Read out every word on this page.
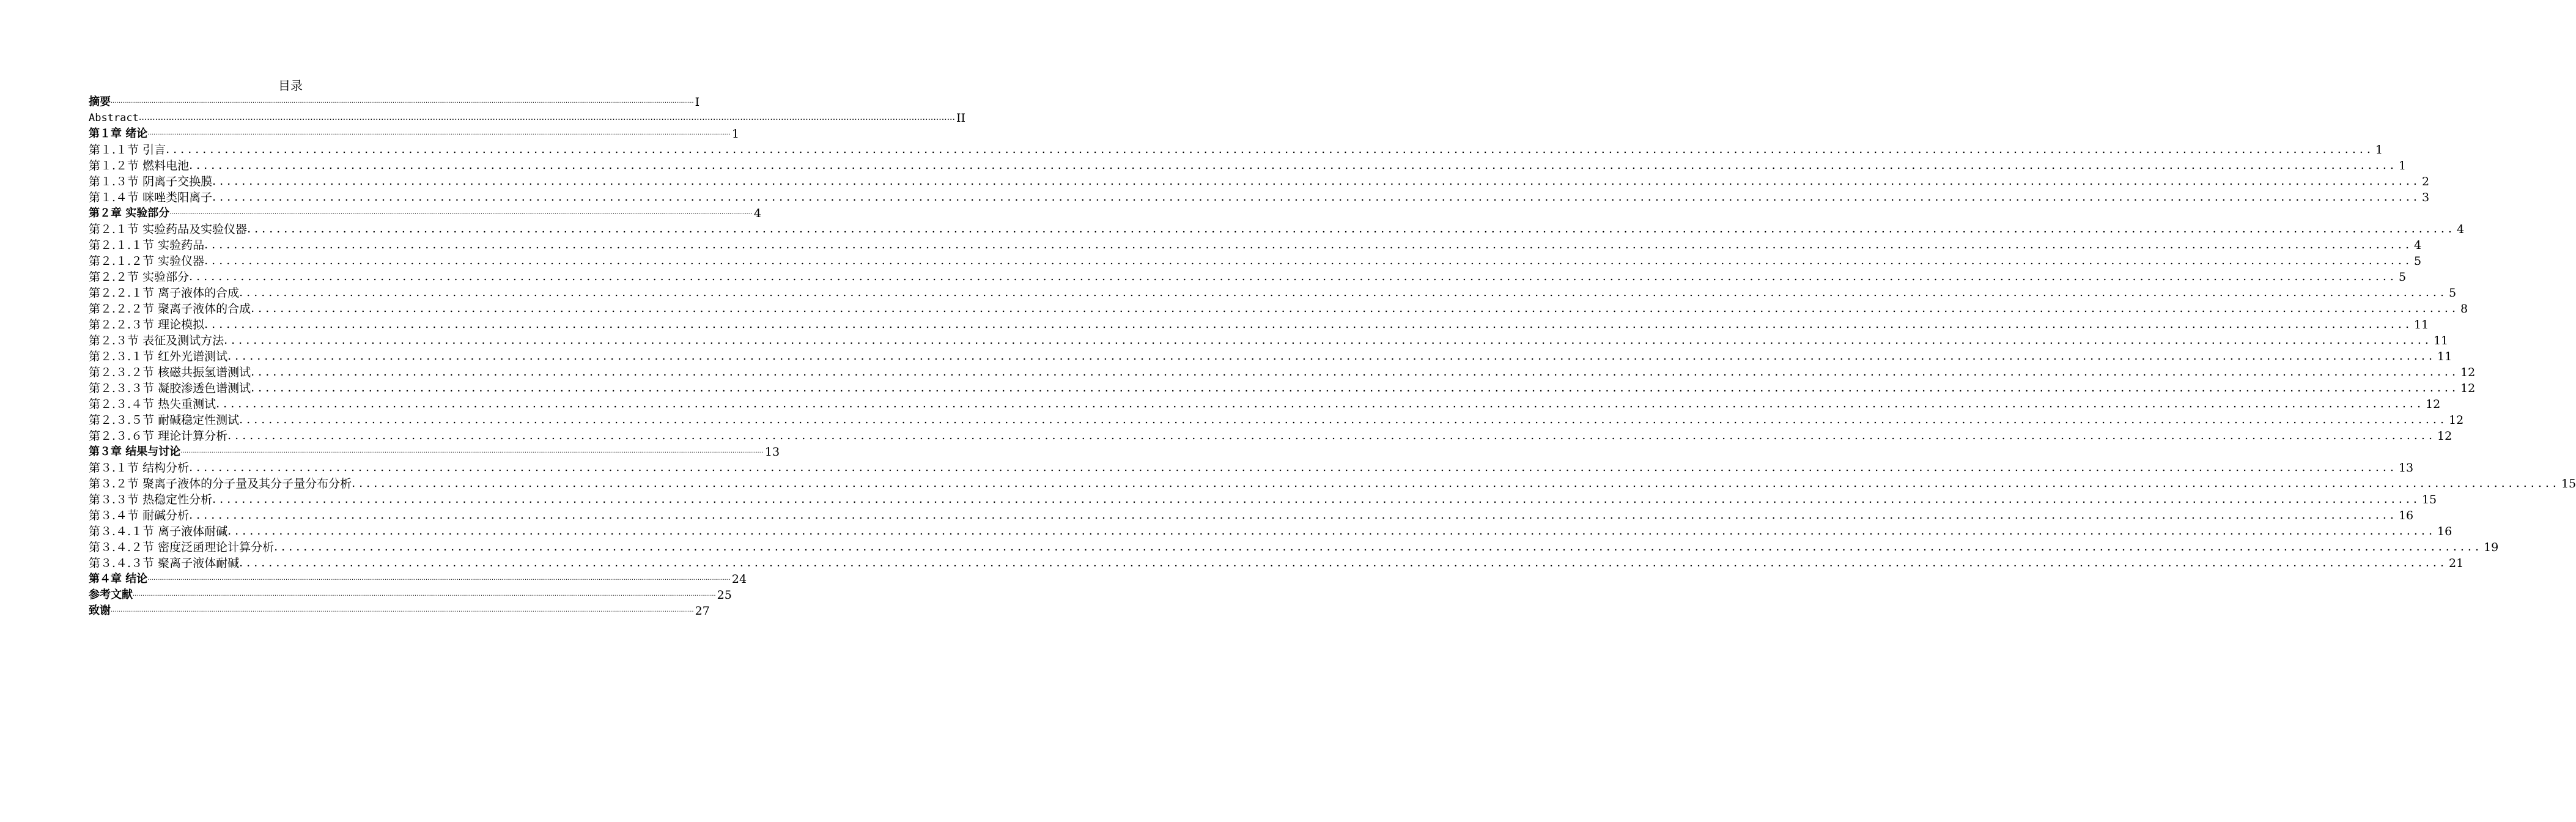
目录
摘要 ............................................................................................................................................................................................................................................................................................................ I
Abstract ............................................................................................................................................................................................................................................................................................................ II
第１章 绪论 ............................................................................................................................................................................................................................................................................................................ 1
第１.１节 引言 ............................................................................................................................................................................................................................................................................................................ 1
第１.２节 燃料电池 ............................................................................................................................................................................................................................................................................................................ 1
第１.３节 阴离子交换膜 ............................................................................................................................................................................................................................................................................................................ 2
第１.４节 咪唑类阳离子 ............................................................................................................................................................................................................................................................................................................ 3
第２章 实验部分 ............................................................................................................................................................................................................................................................................................................ 4
第２.１节 实验药品及实验仪器 ............................................................................................................................................................................................................................................................................................................ 4
第２.１.１节 实验药品 ............................................................................................................................................................................................................................................................................................................ 4
第２.１.２节 实验仪器 ............................................................................................................................................................................................................................................................................................................ 5
第２.２节 实验部分 ............................................................................................................................................................................................................................................................................................................ 5
第２.２.１节 离子液体的合成 ............................................................................................................................................................................................................................................................................................................ 5
第２.２.２节 聚离子液体的合成 ............................................................................................................................................................................................................................................................................................................ 8
第２.２.３节 理论模拟 ............................................................................................................................................................................................................................................................................................................ 11
第２.３节 表征及测试方法 ............................................................................................................................................................................................................................................................................................................ 11
第２.３.１节 红外光谱测试 ............................................................................................................................................................................................................................................................................................................ 11
第２.３.２节 核磁共振氢谱测试 ............................................................................................................................................................................................................................................................................................................ 12
第２.３.３节 凝胶渗透色谱测试 ............................................................................................................................................................................................................................................................................................................ 12
第２.３.４节 热失重测试 ............................................................................................................................................................................................................................................................................................................ 12
第２.３.５节 耐碱稳定性测试 ............................................................................................................................................................................................................................................................................................................ 12
第２.３.６节 理论计算分析 ............................................................................................................................................................................................................................................................................................................ 12
第３章 结果与讨论 ............................................................................................................................................................................................................................................................................................................ 13
第３.１节 结构分析 ............................................................................................................................................................................................................................................................................................................ 13
第３.２节 聚离子液体的分子量及其分子量分布分析 ............................................................................................................................................................................................................................................................................................................ 15
第３.３节 热稳定性分析 ............................................................................................................................................................................................................................................................................................................ 15
第３.４节 耐碱分析 ............................................................................................................................................................................................................................................................................................................ 16
第３.４.１节 离子液体耐碱 ............................................................................................................................................................................................................................................................................................................ 16
第３.４.２节 密度泛函理论计算分析 ............................................................................................................................................................................................................................................................................................................ 19
第３.４.３节 聚离子液体耐碱 ............................................................................................................................................................................................................................................................................................................ 21
第４章 结论 ............................................................................................................................................................................................................................................................................................................ 24
参考文献 ............................................................................................................................................................................................................................................................................................................ 25
致谢 ............................................................................................................................................................................................................................................................................................................ 27
